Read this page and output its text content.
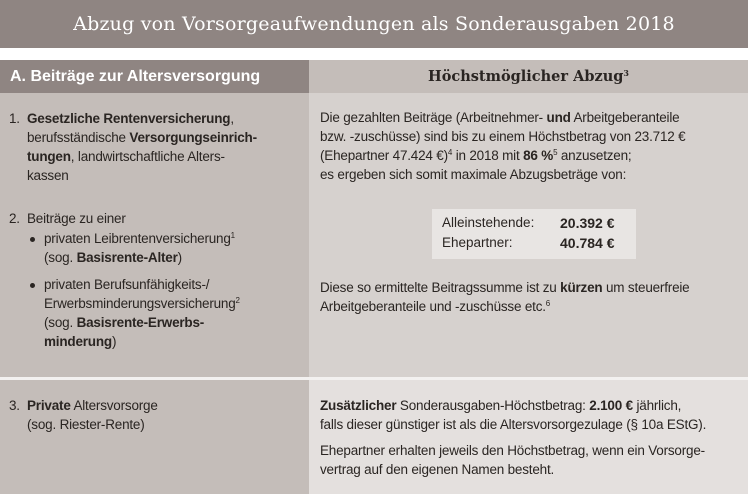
Abzug von Vorsorgeaufwendungen als Sonderausgaben 2018
A. Beiträge zur Altersversorgung	Höchstmöglicher Abzug$^3$
1. Gesetzliche Rentenversicherung,
berufsständische Versorgungseinrich-
tungen, landwirtschaftliche Alters-
kassen
2. Beiträge zu einer
privaten Leibrentenversicherung$^1$
(sog. Basisrente-Alter)
privaten Berufsunfähigkeits-/
Erwerbsminderungsversicherung$^2$
(sog. Basisrente-Erwerbs-
minderung)
Die gezahlten Beiträge (Arbeitnehmer- und Arbeitgeberanteile
bzw. -zuschüsse) sind bis zu einem Höchstbetrag von 23.712 €
(Ehepartner 47.424 €)$^4$ in 2018 mit 86 %$^5$ anzusetzen;
es ergeben sich somit maximale Abzugsbeträge von:
Alleinstehende: 20.392 €
Ehepartner:	40.784 €
Diese so ermittelte Beitragssumme ist zu kürzen um steuerfreie
Arbeitgeberanteile und -zuschüsse etc.$^6$
3. Private Altersvorsorge
(sog. Riester-Rente)
Zusätzlicher Sonderausgaben-Höchstbetrag: 2.100 € jährlich,
falls dieser günstiger ist als die Altersvorsorgezulage (§ 10a EStG).
Ehepartner erhalten jeweils den Höchstbetrag, wenn ein Vorsorge-
vertrag auf den eigenen Namen besteht.
